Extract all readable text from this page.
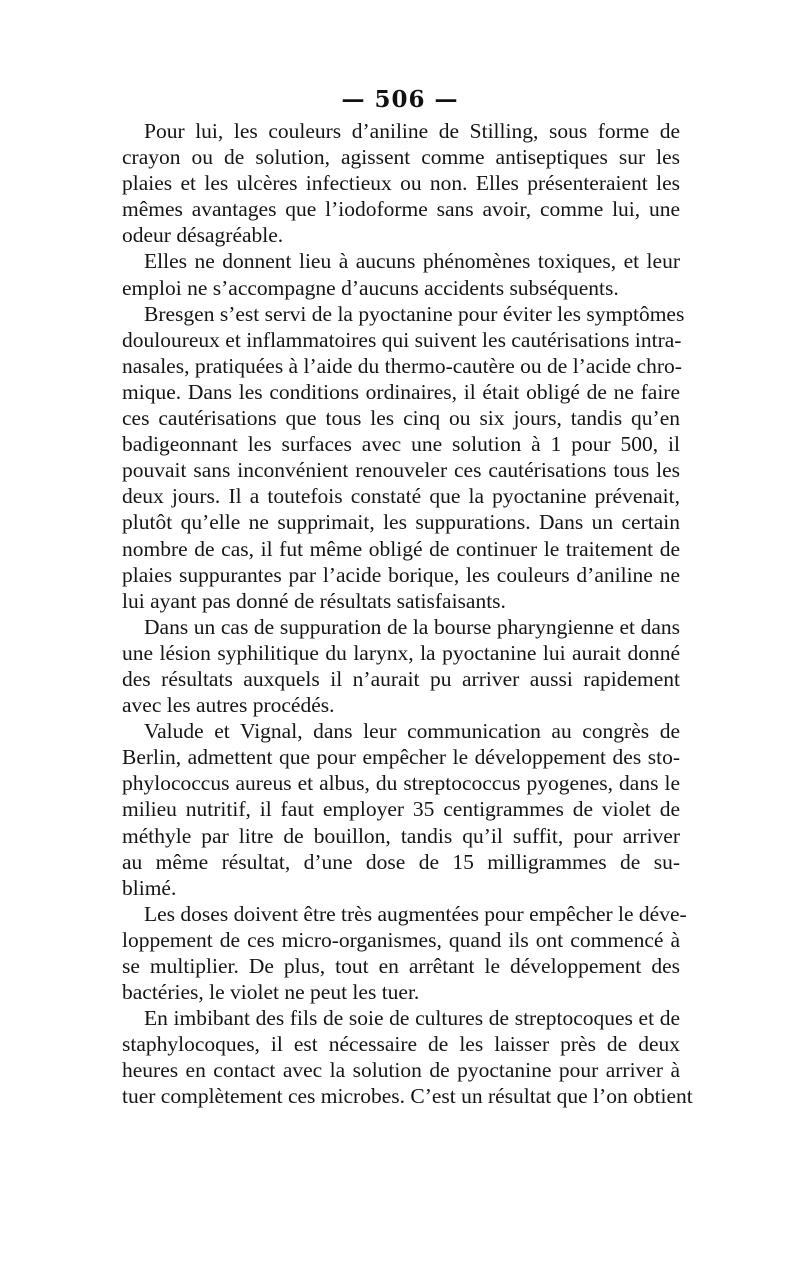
— 506 —
Pour lui, les couleurs d’aniline de Stilling, sous forme de
crayon ou de solution, agissent comme antiseptiques sur les
plaies et les ulcères infectieux ou non. Elles présenteraient les
mêmes avantages que l’iodoforme sans avoir, comme lui, une
odeur désagréable.
Elles ne donnent lieu à aucuns phénomènes toxiques, et leur
emploi ne s’accompagne d’aucuns accidents subséquents.
Bresgen s’est servi de la pyoctanine pour éviter les symptômes
douloureux et inflammatoires qui suivent les cautérisations intra-
nasales, pratiquées à l’aide du thermo-cautère ou de l’acide chro-
mique. Dans les conditions ordinaires, il était obligé de ne faire
ces cautérisations que tous les cinq ou six jours, tandis qu’en
badigeonnant les surfaces avec une solution à 1 pour 500, il
pouvait sans inconvénient renouveler ces cautérisations tous les
deux jours. Il a toutefois constaté que la pyoctanine prévenait,
plutôt qu’elle ne supprimait, les suppurations. Dans un certain
nombre de cas, il fut même obligé de continuer le traitement de
plaies suppurantes par l’acide borique, les couleurs d’aniline ne
lui ayant pas donné de résultats satisfaisants.
Dans un cas de suppuration de la bourse pharyngienne et dans
une lésion syphilitique du larynx, la pyoctanine lui aurait donné
des résultats auxquels il n’aurait pu arriver aussi rapidement
avec les autres procédés.
Valude et Vignal, dans leur communication au congrès de
Berlin, admettent que pour empêcher le développement des sto-
phylococcus aureus et albus, du streptococcus pyogenes, dans le
milieu nutritif, il faut employer 35 centigrammes de violet de
méthyle par litre de bouillon, tandis qu’il suffit, pour arriver
au même résultat, d’une dose de 15 milligrammes de su-
blimé.
Les doses doivent être très augmentées pour empêcher le déve-
loppement de ces micro-organismes, quand ils ont commencé à
se multiplier. De plus, tout en arrêtant le développement des
bactéries, le violet ne peut les tuer.
En imbibant des fils de soie de cultures de streptocoques et de
staphylocoques, il est nécessaire de les laisser près de deux
heures en contact avec la solution de pyoctanine pour arriver à
tuer complètement ces microbes. C’est un résultat que l’on obtient
